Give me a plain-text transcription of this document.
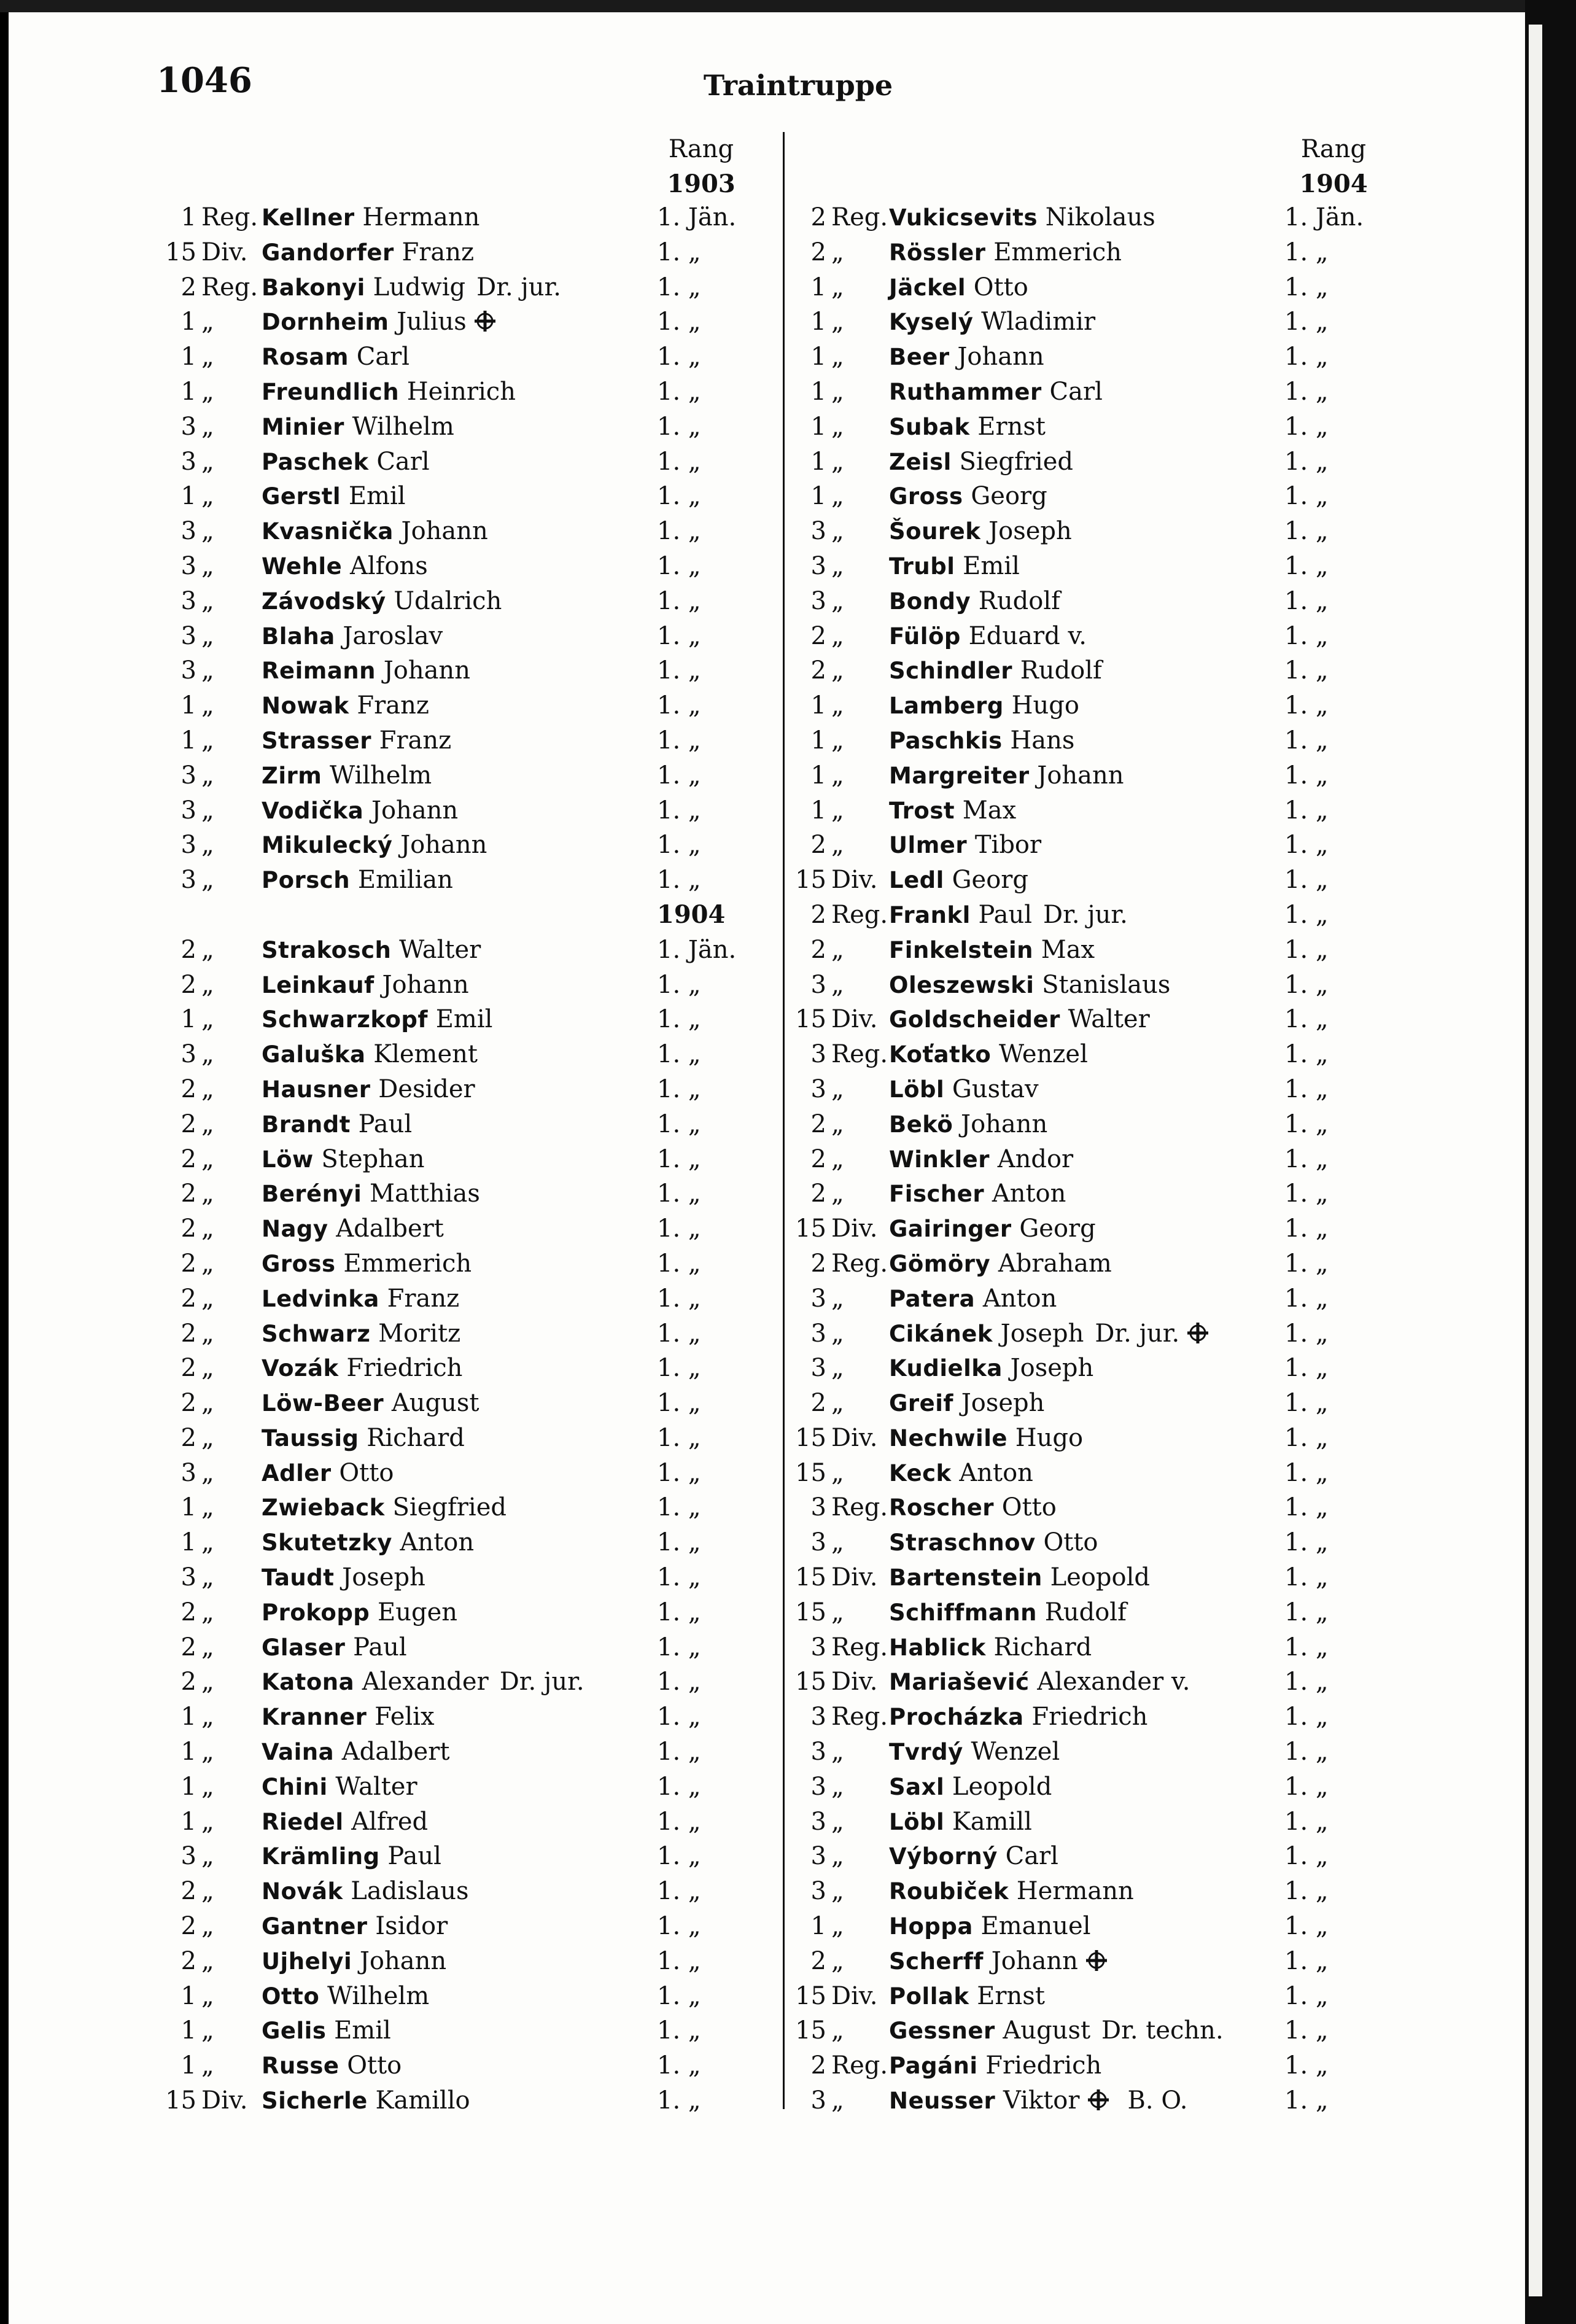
1046	Traintruppe
Rang
1903
Rang
1904
1 Reg. Kellner Hermann	1. Jän.
15 Div. Gandorfer Franz	1. „
2 Reg. Bakonyi Ludwig Dr. jur.	1. „
1 „ Dornheim Julius	1. „
1 „ Rosam Carl	1. „
1 „ Freundlich Heinrich	1. „
3 „ Minier Wilhelm	1. „
3 „ Paschek Carl	1. „
1 „ Gerstl Emil	1. „
3 „ Kvasnička Johann	1. „
3 „ Wehle Alfons	1. „
3 „ Závodský Udalrich	1. „
3 „ Blaha Jaroslav	1. „
3 „ Reimann Johann	1. „
1 „ Nowak Franz	1. „
1 „ Strasser Franz	1. „
3 „ Zirm Wilhelm	1. „
3 „ Vodička Johann	1. „
3 „ Mikulecký Johann	1. „
3 „ Porsch Emilian	1. „
1904
2 „ Strakosch Walter	1. Jän.
2 „ Leinkauf Johann	1. „
1 „ Schwarzkopf Emil	1. „
3 „ Galuška Klement	1. „
2 „ Hausner Desider	1. „
2 „ Brandt Paul	1. „
2 „ Löw Stephan	1. „
2 „ Berényi Matthias	1. „
2 „ Nagy Adalbert	1. „
2 „ Gross Emmerich	1. „
2 „ Ledvinka Franz	1. „
2 „ Schwarz Moritz	1. „
2 „ Vozák Friedrich	1. „
2 „ Löw-Beer August	1. „
2 „ Taussig Richard	1. „
3 „ Adler Otto	1. „
1 „ Zwieback Siegfried	1. „
1 „ Skutetzky Anton	1. „
3 „ Taudt Joseph	1. „
2 „ Prokopp Eugen	1. „
2 „ Glaser Paul	1. „
2 „ Katona Alexander Dr. jur.	1. „
1 „ Kranner Felix	1. „
1 „ Vaina Adalbert	1. „
1 „ Chini Walter	1. „
1 „ Riedel Alfred	1. „
3 „ Krämling Paul	1. „
2 „ Novák Ladislaus	1. „
2 „ Gantner Isidor	1. „
2 „ Ujhelyi Johann	1. „
1 „ Otto Wilhelm	1. „
1 „ Gelis Emil	1. „
1 „ Russe Otto	1. „
15 Div. Sicherle Kamillo	1. „
2 Reg. Vukicsevits Nikolaus	1. Jän.
2 „ Rössler Emmerich	1. „
1 „ Jäckel Otto	1. „
1 „ Kyselý Wladimir	1. „
1 „ Beer Johann	1. „
1 „ Ruthammer Carl	1. „
1 „ Subak Ernst	1. „
1 „ Zeisl Siegfried	1. „
1 „ Gross Georg	1. „
3 „ Šourek Joseph	1. „
3 „ Trubl Emil	1. „
3 „ Bondy Rudolf	1. „
2 „ Fülöp Eduard v.	1. „
2 „ Schindler Rudolf	1. „
1 „ Lamberg Hugo	1. „
1 „ Paschkis Hans	1. „
1 „ Margreiter Johann	1. „
1 „ Trost Max	1. „
2 „ Ulmer Tibor	1. „
15 Div. Ledl Georg	1. „
2 Reg. Frankl Paul Dr. jur.	1. „
2 „ Finkelstein Max	1. „
3 „ Oleszewski Stanislaus	1. „
15 Div. Goldscheider Walter	1. „
3 Reg. Koťatko Wenzel	1. „
3 „ Löbl Gustav	1. „
2 „ Bekö Johann	1. „
2 „ Winkler Andor	1. „
2 „ Fischer Anton	1. „
15 Div. Gairinger Georg	1. „
2 Reg. Gömöry Abraham	1. „
3 „ Patera Anton	1. „
3 „ Cikánek Joseph Dr. jur.	1. „
3 „ Kudielka Joseph	1. „
2 „ Greif Joseph	1. „
15 Div. Nechwile Hugo	1. „
15 „ Keck Anton	1. „
3 Reg. Roscher Otto	1. „
3 „ Straschnov Otto	1. „
15 Div. Bartenstein Leopold	1. „
15 „ Schiffmann Rudolf	1. „
3 Reg. Hablick Richard	1. „
15 Div. Mariašević Alexander v.	1. „
3 Reg. Procházka Friedrich	1. „
3 „ Tvrdý Wenzel	1. „
3 „ Saxl Leopold	1. „
3 „ Löbl Kamill	1. „
3 „ Výborný Carl	1. „
3 „ Roubiček Hermann	1. „
1 „ Hoppa Emanuel	1. „
2 „ Scherff Johann	1. „
15 Div. Pollak Ernst	1. „
15 „ Gessner August Dr. techn. 1. „
2 Reg. Pagáni Friedrich	1. „
3 „ Neusser Viktor B. O.	1. „
